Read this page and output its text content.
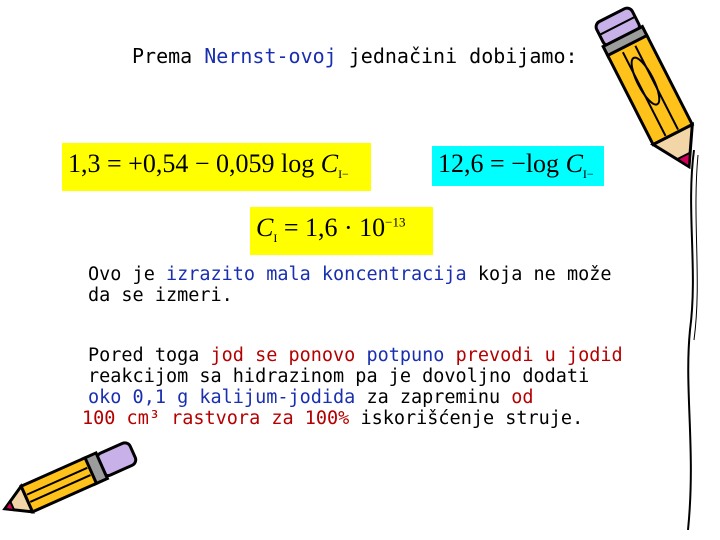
Prema Nernst-ovoj jednačini dobijamo:
1,3 = +0,54 − 0,059 $\log C_{I-}$	12,6 = −log $C_{I-}$
$C_I = 1,6 \cdot 10^{-13}$
Ovo je izrazito mala koncentracija koja ne može
da se izmeri.
Pored toga jod se ponovo potpuno prevodi u jodid
reakcijom sa hidrazinom pa je dovoljno dodati
oko 0,1 g kalijum-jodida za zapreminu od
100 cm³ rastvora za 100% iskorišćenje struje.
